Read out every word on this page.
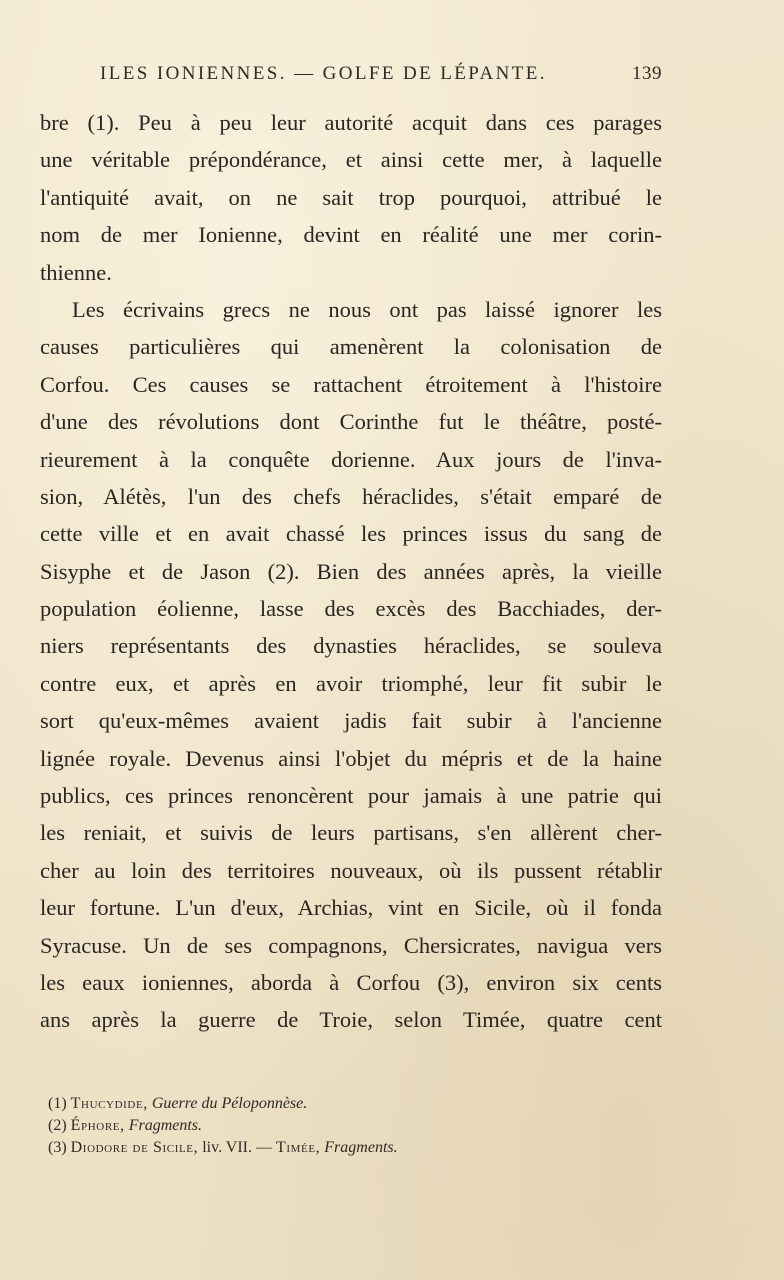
ILES IONIENNES. — GOLFE DE LÉPANTE.	139
bre (1). Peu à peu leur autorité acquit dans ces parages
une véritable prépondérance, et ainsi cette mer, à laquelle
l'antiquité avait, on ne sait trop pourquoi, attribué le
nom de mer Ionienne, devint en réalité une mer corin-
thienne.
Les écrivains grecs ne nous ont pas laissé ignorer les
causes particulières qui amenèrent la colonisation de
Corfou. Ces causes se rattachent étroitement à l'histoire
d'une des révolutions dont Corinthe fut le théâtre, posté-
rieurement à la conquête dorienne. Aux jours de l'inva-
sion, Alétès, l'un des chefs héraclides, s'était emparé de
cette ville et en avait chassé les princes issus du sang de
Sisyphe et de Jason (2). Bien des années après, la vieille
population éolienne, lasse des excès des Bacchiades, der-
niers représentants des dynasties héraclides, se souleva
contre eux, et après en avoir triomphé, leur fit subir le
sort qu'eux-mêmes avaient jadis fait subir à l'ancienne
lignée royale. Devenus ainsi l'objet du mépris et de la haine
publics, ces princes renoncèrent pour jamais à une patrie qui
les reniait, et suivis de leurs partisans, s'en allèrent cher-
cher au loin des territoires nouveaux, où ils pussent rétablir
leur fortune. L'un d'eux, Archias, vint en Sicile, où il fonda
Syracuse. Un de ses compagnons, Chersicrates, navigua vers
les eaux ioniennes, aborda à Corfou (3), environ six cents
ans après la guerre de Troie, selon Timée, quatre cent
(1) Thucydide, Guerre du Péloponnèse.
(2) Éphore, Fragments.
(3) Diodore de Sicile, liv. VII. — Timée, Fragments.
